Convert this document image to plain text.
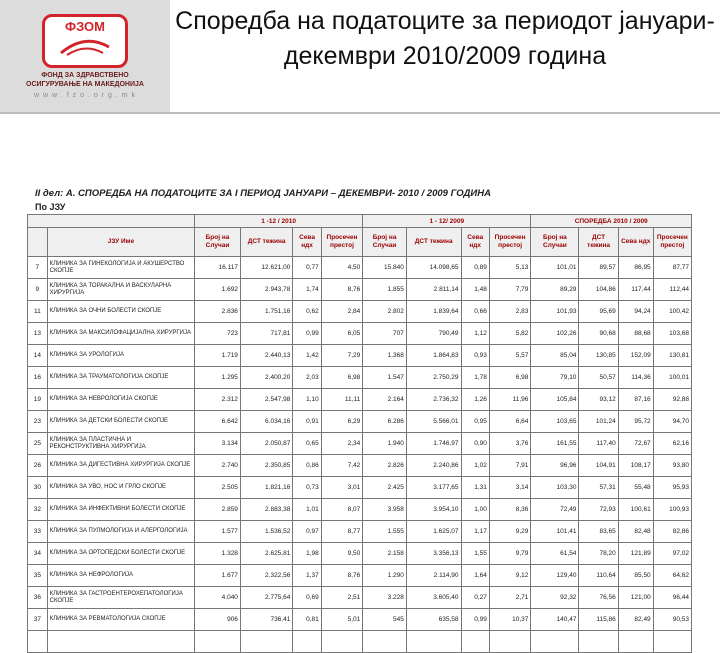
ФЗОМ
ФОНД ЗА ЗДРАВСТВЕНО
ОСИГУРУВАЊЕ НА МАКЕДОНИЈА
w w w . f z o . o r g . m k
Споредба на податоците за периодот јануари- декември 2010/2009 година
II дел: А. СПОРЕДБА НА ПОДАТОЦИТЕ ЗА I ПЕРИОД ЈАНУАРИ – ДЕКЕМВРИ- 2010 / 2009 ГОДИНА
По ЈЗУ
		1 -12 / 2010				1 - 12/ 2009				СПОРЕДБА 2010 / 2009			
	ЈЗУ Име	Број на Случаи	ДСТ тежина	Сева ндх	Просечен престој	Број на Случаи	ДСТ тежина	Сева ндх	Просечен престој	Број на Случаи	ДСТ тежина	Сева ндх	Просечен престој
7	КЛИНИКА ЗА ГИНЕКОЛОГИЈА И АКУШЕРСТВО СКОПЈЕ	16.117	12.621,00	0,77	4,50	15.840	14.098,65	0,89	5,13	101,01	89,57	86,95	87,77
9	КЛИНИКА ЗА ТОРАКАЛНА И ВАСКУЛАРНА ХИРУРГИЈА	1.692	2.943,78	1,74	8,76	1.855	2.811,14	1,48	7,79	89,29	104,86	117,44	112,44
11	КЛИНИКА ЗА ОЧНИ БОЛЕСТИ СКОПЈЕ	2.836	1.751,16	0,62	2,84	2.802	1.839,64	0,66	2,83	101,93	95,69	94,24	100,42
13	КЛИНИКА ЗА МАКСИЛОФАЦИЈАЛНА ХИРУРГИЈА	723	717,81	0,99	6,05	707	790,49	1,12	5,82	102,26	90,68	88,68	103,68
14	КЛИНИКА ЗА УРОЛОГИЈА	1.719	2.440,13	1,42	7,29	1.368	1.864,83	0,93	5,57	85,04	130,85	152,09	130,81
16	КЛИНИКА ЗА ТРАУМАТОЛОГИЈА СКОПЈЕ	1.295	2.400,20	2,03	6,98	1.547	2.750,29	1,78	6,98	79,10	50,57	114,36	100,01
19	КЛИНИКА ЗА НЕВРОЛОГИЈА СКОПЈЕ	2.312	2.547,98	1,10	11,11	2.164	2.736,32	1,26	11,96	105,84	93,12	87,16	92,88
23	КЛИНИКА ЗА ДЕТСКИ БОЛЕСТИ СКОПЈЕ	6.642	6.034,16	0,91	6,29	6.286	5.566,01	0,95	6,64	103,65	101,24	95,72	94,70
25	КЛИНИКА ЗА ПЛАСТИЧНА И РЕКОНСТРУКТИВНА ХИРУРГИЈА	3.134	2.050,87	0,65	2,34	1.940	1.746,97	0,90	3,76	161,55	117,40	72,67	62,16
26	КЛИНИКА ЗА ДИГЕСТИВНА ХИРУРГИЈА СКОПЈЕ	2.740	2.350,85	0,86	7,42	2.826	2.240,86	1,02	7,91	96,96	104,91	108,17	93,80
30	КЛИНИКА ЗА УВО, НОС И ГРЛО СКОПЈЕ	2.505	1.821,16	0,73	3,01	2.425	3.177,65	1,31	3,14	103,30	57,31	55,48	95,93
32	КЛИНИКА ЗА ИНФЕКТИВНИ БОЛЕСТИ СКОПЈЕ	2.859	2.883,38	1,01	8,07	3.958	3.954,10	1,00	8,36	72,49	72,93	100,61	100,93
33	КЛИНИКА ЗА ПУЛМОЛОГИЈА И АЛЕРГОЛОГИЈА	1.577	1.536,52	0,97	8,77	1.555	1.625,07	1,17	9,29	101,41	83,65	82,48	82,86
34	КЛИНИКА ЗА ОРТОПЕДСКИ БОЛЕСТИ СКОПЈЕ	1.328	2.625,81	1,98	9,50	2.158	3.356,13	1,55	9,79	61,54	78,20	121,89	97,02
35	КЛИНИКА ЗА НЕФРОЛОГИЈА	1.677	2.322,56	1,37	8,76	1.290	2.114,90	1,64	9,12	129,40	110,64	85,50	64,62
36	КЛИНИКА ЗА ГАСТРОЕНТЕРОХЕПАТОЛОГИЈА СКОПЈЕ	4.040	2.775,64	0,69	2,51	3.228	3.605,40	0,27	2,71	92,32	76,56	121,00	96,44
37	КЛИНИКА ЗА РЕВМАТОЛОГИЈА СКОПЈЕ	906	736,41	0,81	5,01	545	635,58	0,99	10,37	140,47	115,86	82,49	90,53
